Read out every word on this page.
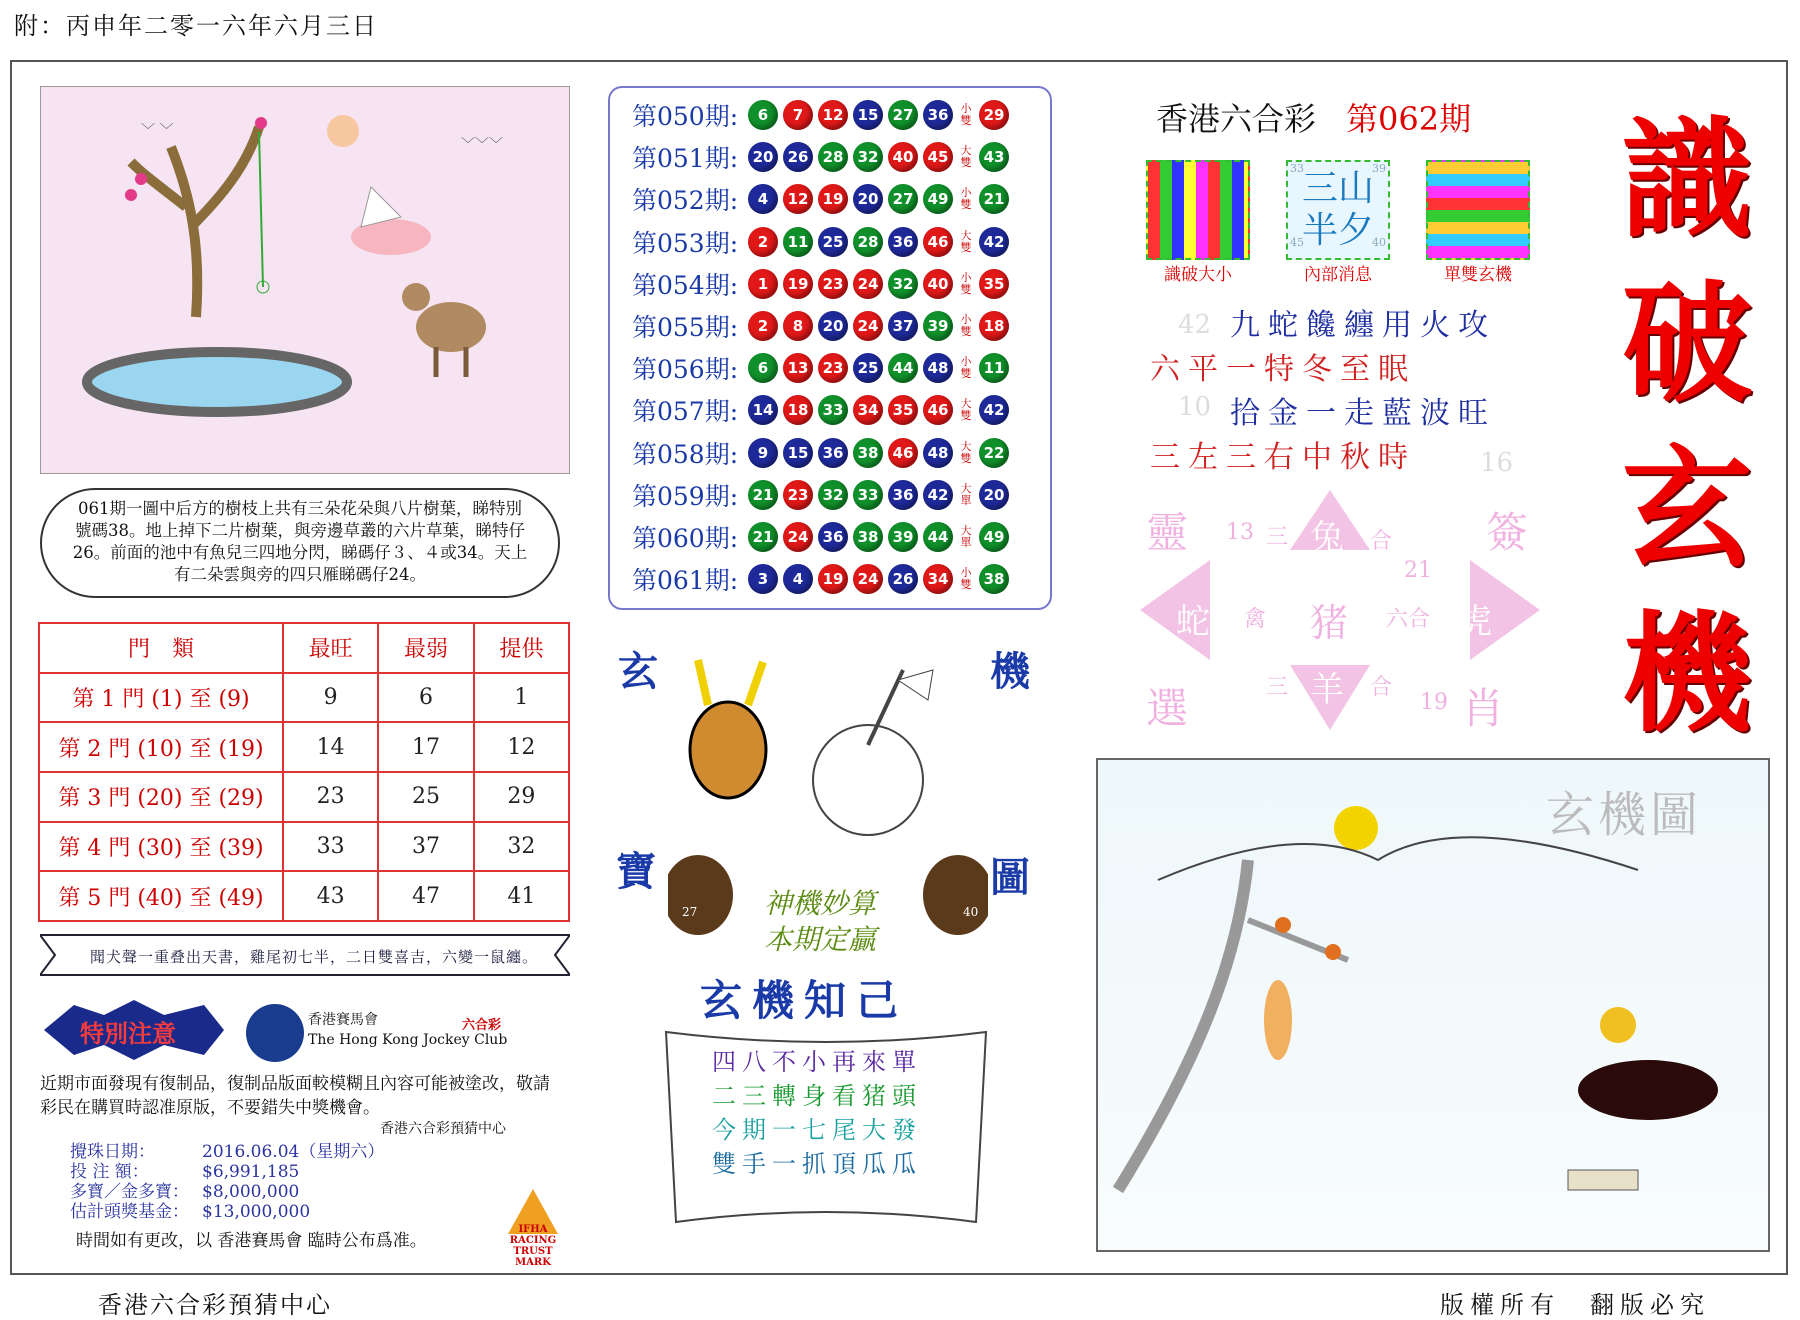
附：丙申年二零一六年六月三日
﹀ ﹀
﹀﹀﹀
061期一圖中后方的樹枝上共有三朵花朵與八片樹葉，睇特別號碼38。地上掉下二片樹葉，與旁邊草叢的六片草葉，睇特仔26。前面的池中有魚兒三四地分閃，睇碼仔３、４或34。天上有二朵雲與旁的四只雁睇碼仔24。
門　類	最旺	最弱	提供
第 1 門 (1) 至 (9)	9	6	1
第 2 門 (10) 至 (19)	14	17	12
第 3 門 (20) 至 (29)	23	25	29
第 4 門 (30) 至 (39)	33	37	32
第 5 門 (40) 至 (49)	43	47	41
聞犬聲一重叠出天書，雞尾初七半，二日雙喜吉，六變一鼠纏。
特別注意	香港賽馬會
The Hong Kong Jockey Club
六合彩
近期市面發現有復制品，復制品版面較模糊且內容可能被塗改，敬請彩民在購買時認准原版，不要錯失中獎機會。
香港六合彩預猜中心
攪珠日期：	2016.06.04（星期六）
投 注 額：	$6,991,185
多寶／金多寶： $8,000,000
估計頭獎基金： $13,000,000
時間如有更改，以 香港賽馬會 臨時公布爲准。
IFHA RACING TRUST MARK
第050期:	6	7	12 15 27 36	小雙 29
第051期: 20 26 28 32 40 45	大雙 43
第052期:	4	12 19 20 27 49	小雙 21
第053期:	2	11 25 28 36 46	大雙 42
第054期:	1	19 23 24 32 40	小雙 35
第055期:	2	8	20 24 37 39	小雙 18
第056期:	6	13 23 25 44 48	小雙 11
第057期: 14 18 33 34 35 46	大雙 42
第058期:	9	15 36 38 46 48	大雙 22
第059期: 21 23 32 33 36 42	大單 20
第060期: 21 24 36 38 39 44	大單 49
第061期:	3	4	19 24 26 34	小雙 38
玄	機
寶	圖
27	40
神機妙算　本期定贏
玄機知己
四八不小再來單
二三轉身看猪頭
今期一七尾大發
雙手一抓頂瓜瓜
香港六合彩 第062期 識
破
玄
機
識破大小
三山
半夕
33	39
45	40
內部消息	單雙玄機
九蛇饞纏用火攻
六平一特冬至眠
拾金一走藍波旺
三左三右中秋時
42
10
16
靈	簽
選	肖
兔
羊
蛇	虎
猪
三	合
合
六合
三
禽
13
21
19
玄機圖
香港六合彩預猜中心	版權所有　翻版必究
